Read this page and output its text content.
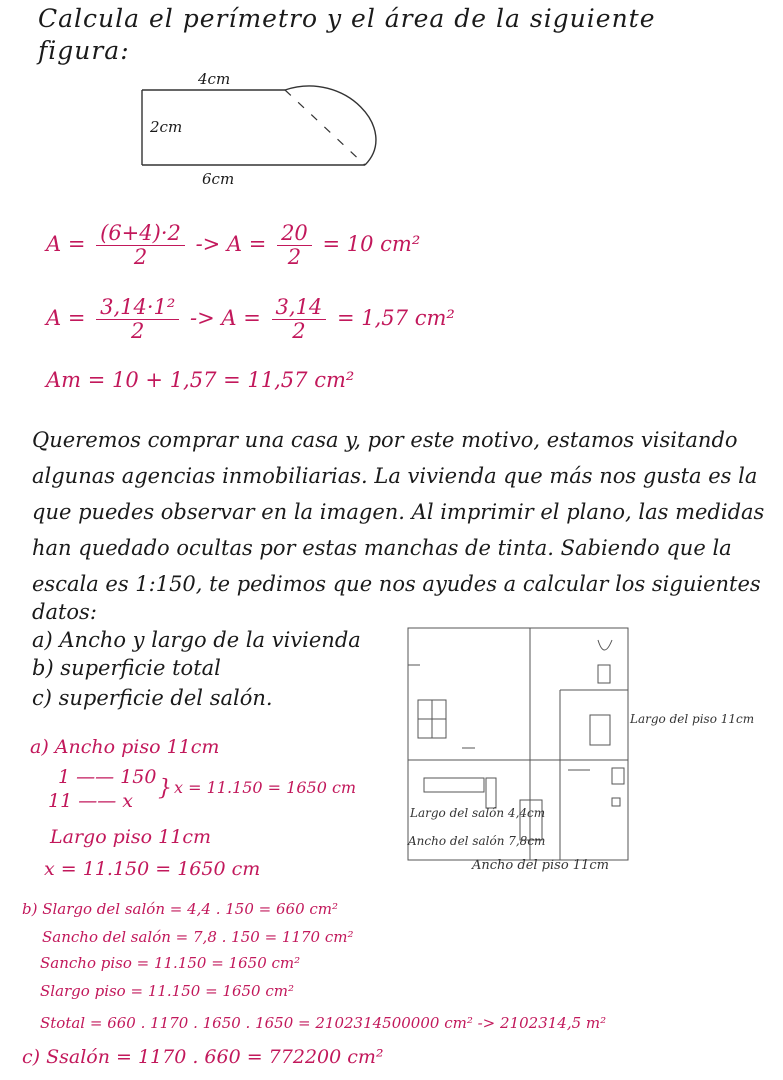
Calcula el perímetro y el área de la siguiente
figura:
4cm
2cm
6cm
$A = \frac{(6+4)\cdot 2}{2} -> A = \frac{20}{2} = 10$ cm²
$A = \frac{\text{3,14·1²}}{2} -> A = \frac{3,14}{2} = 1,57$ cm²
Aт = 10 + 1,57 = 11,57 cm²
Queremos comprar una casa y, por este motivo, estamos visitando
algunas agencias inmobiliarias. La vivienda que más nos gusta es la
que puedes observar en la imagen. Al imprimir el plano, las medidas
han quedado ocultas por estas manchas de tinta. Sabiendo que la
escala es 1:150, te pedimos que nos ayudes a calcular los siguientes
datos:
a) Ancho y largo de la vivienda
b) superficie total
c) superficie del salón.
Largo del piso 11cm
Largo del salón 4,4cm
Ancho del salón 7,8cm
Ancho del piso 11cm
a) Ancho piso 11cm
1 —— 150
11 —— x } x = 11.150 = 1650 cm
Largo piso 11cm
x = 11.150 = 1650 cm
b) Slargo del salón = 4,4 . 150 = 660 cm²
Sancho del salón = 7,8 . 150 = 1170 cm²
Sancho piso = 11.150 = 1650 cm²
Slargo piso = 11.150 = 1650 cm²
Stotal = 660 . 1170 . 1650 . 1650 = 2102314500000 cm² -> 2102314,5 m²
c) Ssalón = 1170 . 660 = 772200 cm²
